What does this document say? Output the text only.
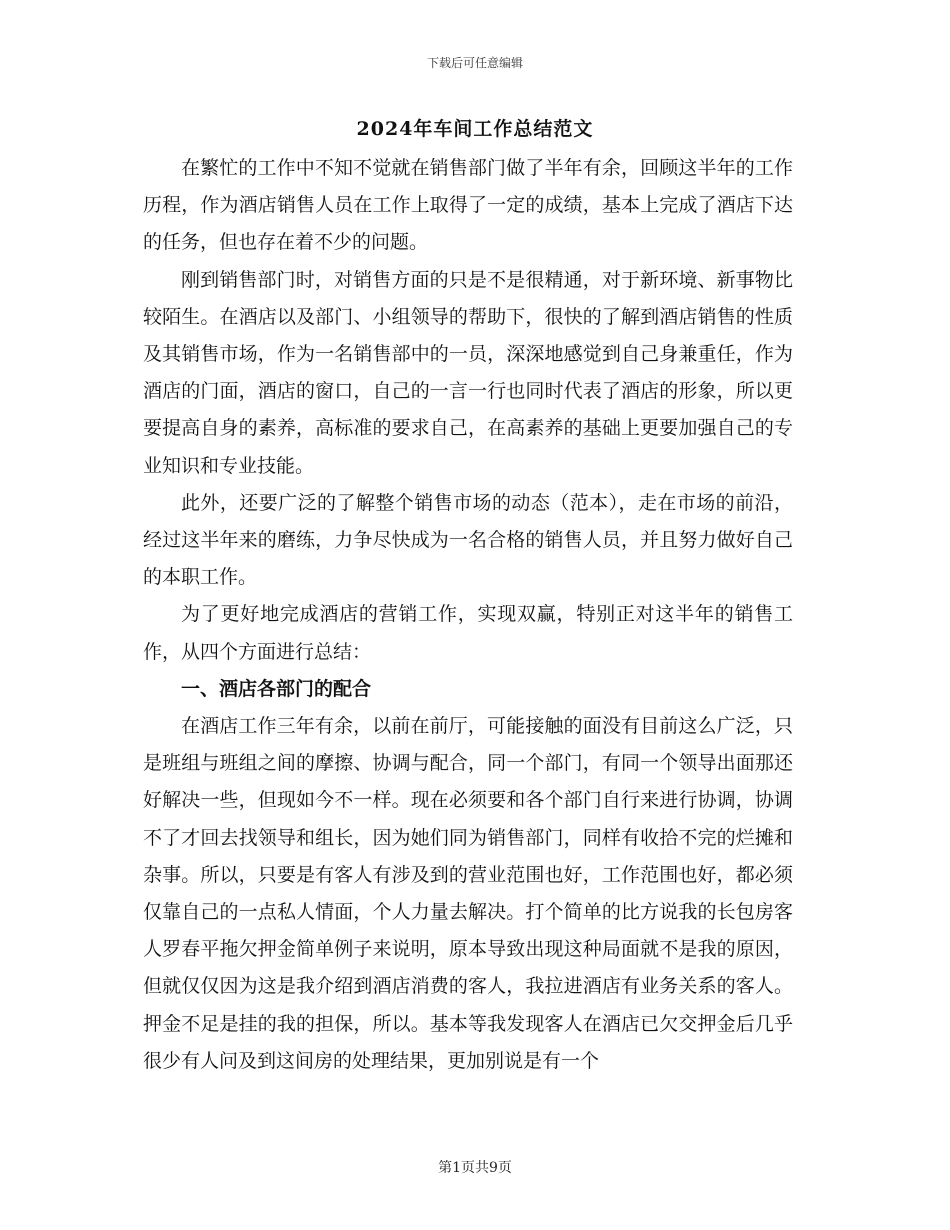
下载后可任意编辑
2024年车间工作总结范文

在繁忙的工作中不知不觉就在销售部门做了半年有余，回顾这半年的工作历程，作为酒店销售人员在工作上取得了一定的成绩，基本上完成了酒店下达的任务，但也存在着不少的问题。

刚到销售部门时，对销售方面的只是不是很精通，对于新环境、新事物比较陌生。在酒店以及部门、小组领导的帮助下，很快的了解到酒店销售的性质及其销售市场，作为一名销售部中的一员，深深地感觉到自己身兼重任，作为酒店的门面，酒店的窗口，自己的一言一行也同时代表了酒店的形象，所以更要提高自身的素养，高标准的要求自己，在高素养的基础上更要加强自己的专业知识和专业技能。

此外，还要广泛的了解整个销售市场的动态（范本），走在市场的前沿，经过这半年来的磨练，力争尽快成为一名合格的销售人员，并且努力做好自己的本职工作。

为了更好地完成酒店的营销工作，实现双赢，特别正对这半年的销售工作，从四个方面进行总结：

一、酒店各部门的配合

在酒店工作三年有余，以前在前厅，可能接触的面没有目前这么广泛，只是班组与班组之间的摩擦、协调与配合，同一个部门，有同一个领导出面那还好解决一些，但现如今不一样。现在必须要和各个部门自行来进行协调，协调不了才回去找领导和组长，因为她们同为销售部门，同样有收拾不完的烂摊和杂事。所以，只要是有客人有涉及到的营业范围也好，工作范围也好，都必须仅靠自己的一点私人情面，个人力量去解决。打个简单的比方说我的长包房客人罗春平拖欠押金简单例子来说明，原本导致出现这种局面就不是我的原因，但就仅仅因为这是我介绍到酒店消费的客人，我拉进酒店有业务关系的客人。押金不足是挂的我的担保，所以。基本等我发现客人在酒店已欠交押金后几乎很少有人问及到这间房的处理结果，更加别说是有一个

第1页共9页
